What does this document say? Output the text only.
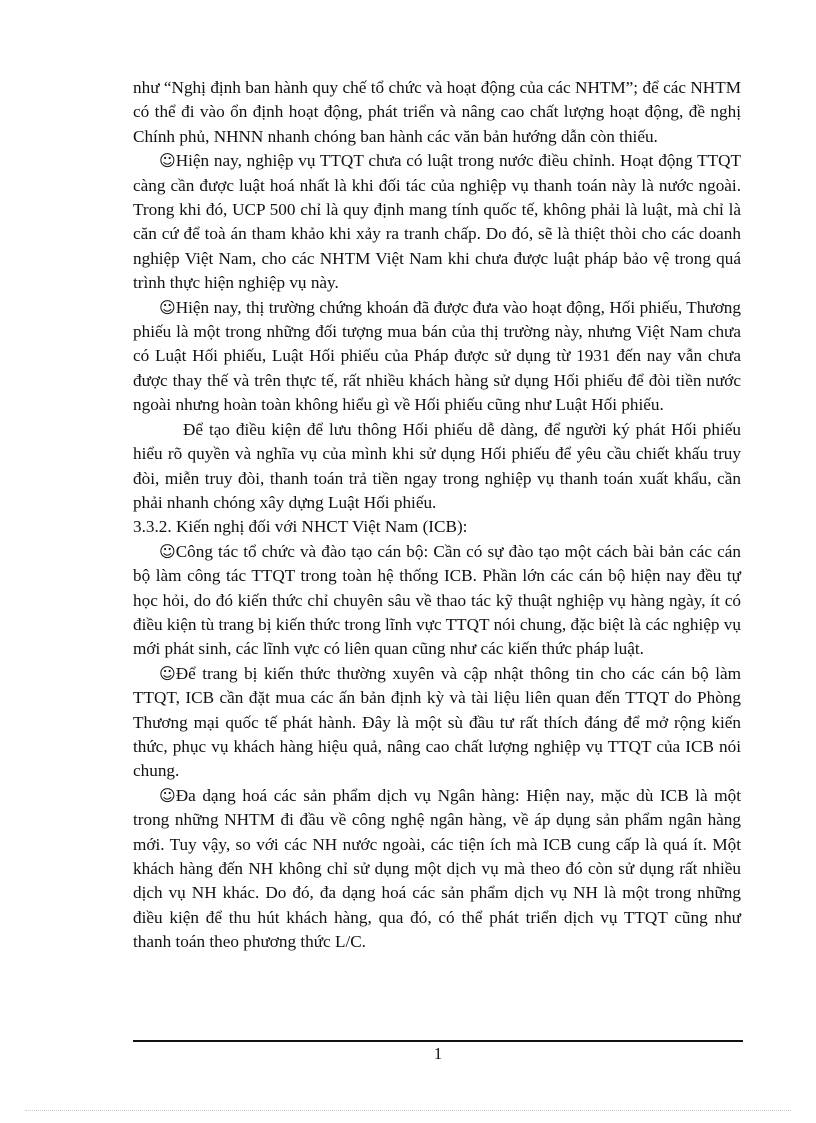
như “Nghị định ban hành quy chế tổ chức và hoạt động của các NHTM”; để các NHTM có thể đi vào ổn định hoạt động, phát triển và nâng cao chất lượng hoạt động, đề nghị Chính phủ, NHNN nhanh chóng ban hành các văn bản hướng dẫn còn thiếu.

☺Hiện nay, nghiệp vụ TTQT chưa có luật trong nước điều chỉnh. Hoạt động TTQT càng cần được luật hoá nhất là khi đối tác của nghiệp vụ thanh toán này là nước ngoài. Trong khi đó, UCP 500 chỉ là quy định mang tính quốc tế, không phải là luật, mà chỉ là căn cứ để toà án tham khảo khi xảy ra tranh chấp. Do đó, sẽ là thiệt thòi cho các doanh nghiệp Việt Nam, cho các NHTM Việt Nam khi chưa được luật pháp bảo vệ trong quá trình thực hiện nghiệp vụ này.

☺Hiện nay, thị trường chứng khoán đã được đưa vào hoạt động, Hối phiếu, Thương phiếu là một trong những đối tượng mua bán của thị trường này, nhưng Việt Nam chưa có Luật Hối phiếu, Luật Hối phiếu của Pháp được sử dụng từ 1931 đến nay vẫn chưa được thay thế và trên thực tế, rất nhiều khách hàng sử dụng Hối phiếu để đòi tiền nước ngoài nhưng hoàn toàn không hiểu gì về Hối phiếu cũng như Luật Hối phiếu.

Để tạo điều kiện để lưu thông Hối phiếu dễ dàng, để người ký phát Hối phiếu hiểu rõ quyền và nghĩa vụ của mình khi sử dụng Hối phiếu để yêu cầu chiết khấu truy đòi, miễn truy đòi, thanh toán trả tiền ngay trong nghiệp vụ thanh toán xuất khẩu, cần phải nhanh chóng xây dựng Luật Hối phiếu.

3.3.2. Kiến nghị đối với NHCT Việt Nam (ICB):

☺Công tác tổ chức và đào tạo cán bộ: Cần có sự đào tạo một cách bài bản các cán bộ làm công tác TTQT trong toàn hệ thống ICB. Phần lớn các cán bộ hiện nay đều tự học hỏi, do đó kiến thức chỉ chuyên sâu về thao tác kỹ thuật nghiệp vụ hàng ngày, ít có điều kiện tù trang bị kiến thức trong lĩnh vực TTQT nói chung, đặc biệt là các nghiệp vụ mới phát sinh, các lĩnh vực có liên quan cũng như các kiến thức pháp luật.

☺Để trang bị kiến thức thường xuyên và cập nhật thông tin cho các cán bộ làm TTQT, ICB cần đặt mua các ấn bản định kỳ và tài liệu liên quan đến TTQT do Phòng Thương mại quốc tế phát hành. Đây là một sù đầu tư rất thích đáng để mở rộng kiến thức, phục vụ khách hàng hiệu quả, nâng cao chất lượng nghiệp vụ TTQT của ICB nói chung.

☺Đa dạng hoá các sản phẩm dịch vụ Ngân hàng: Hiện nay, mặc dù ICB là một trong những NHTM đi đầu về công nghệ ngân hàng, về áp dụng sản phẩm ngân hàng mới. Tuy vậy, so với các NH nước ngoài, các tiện ích mà ICB cung cấp là quá ít. Một khách hàng đến NH không chỉ sử dụng một dịch vụ mà theo đó còn sử dụng rất nhiều dịch vụ NH khác. Do đó, đa dạng hoá các sản phẩm dịch vụ NH là một trong những điều kiện để thu hút khách hàng, qua đó, có thể phát triển dịch vụ TTQT cũng như thanh toán theo phương thức L/C.

1
